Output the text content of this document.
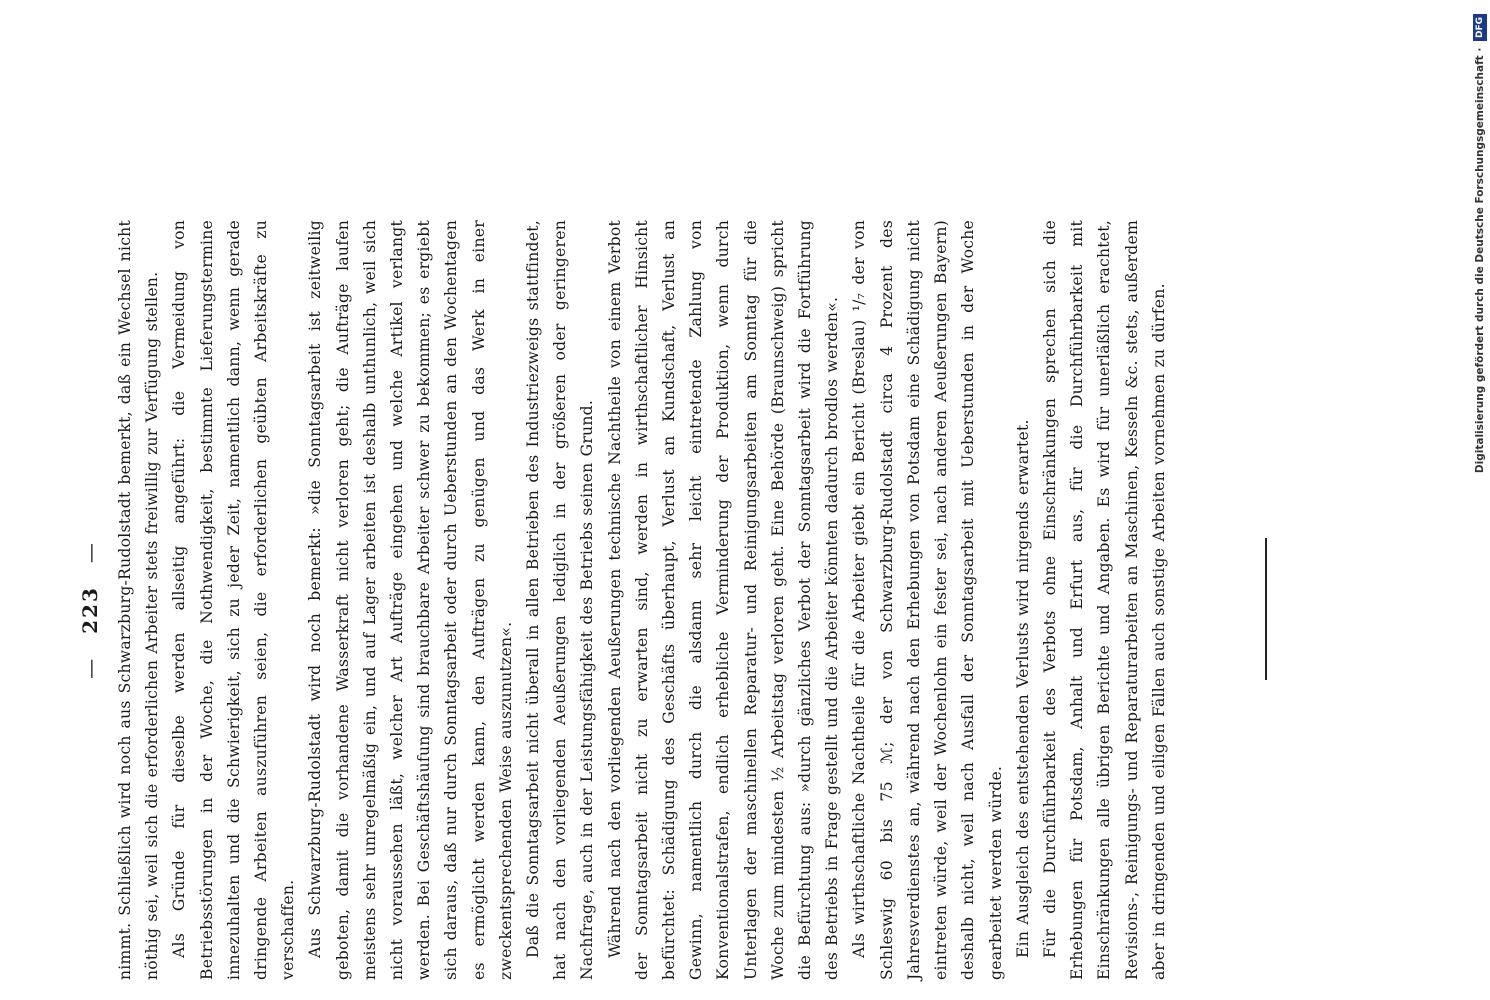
— 223 — nimmt. Schließlich wird noch aus Schwarzburg-Rudolstadt bemerkt, daß ein Wechsel nicht nöthig sei, weil sich die erforderlichen Arbeiter stets freiwillig zur Verfügung stellen. Als Gründe für dieselbe werden allseitig angeführt: die Vermeidung von Betriebsstörungen in der Woche, die Nothwendigkeit, bestimmte Lieferungstermine innezuhalten und die Schwierigkeit, sich zu jeder Zeit, namentlich dann, wenn gerade dringende Arbeiten auszuführen seien, die erforderlichen geübten Arbeitskräfte zu verschaffen. Aus Schwarzburg-Rudolstadt wird noch bemerkt: »die Sonntagsarbeit ist zeitweilig geboten, damit die vorhandene Wasserkraft nicht verloren geht; die Aufträge laufen meistens sehr unregelmäßig ein, und auf Lager arbeiten ist deshalb unthunlich, weil sich nicht voraussehen läßt, welcher Art Aufträge eingehen und welche Artikel verlangt werden. Bei Geschäftshäufung sind brauchbare Arbeiter schwer zu bekommen; es ergiebt sich daraus, daß nur durch Sonntagsarbeit oder durch Ueberstunden an den Wochentagen es ermöglicht werden kann, den Aufträgen zu genügen und das Werk in einer zweckentsprechenden Weise auszunutzen«. Daß die Sonntagsarbeit nicht überall in allen Betrieben des Industriezweigs stattfindet, hat nach den vorliegenden Aeußerungen lediglich in der größeren oder geringeren Nachfrage, auch in der Leistungsfähigkeit des Betriebs seinen Grund. Während nach den vorliegenden Aeußerungen technische Nachtheile von einem Verbot der Sonntagsarbeit nicht zu erwarten sind, werden in wirthschaftlicher Hinsicht befürchtet: Schädigung des Geschäfts überhaupt, Verlust an Kundschaft, Verlust an Gewinn, namentlich durch die alsdann sehr leicht eintretende Zahlung von Konventionalstrafen, endlich erhebliche Verminderung der Produktion, wenn durch Unterlagen der maschinellen Reparatur- und Reinigungsarbeiten am Sonntag für die Woche zum mindesten ½ Arbeitstag verloren geht. Eine Behörde (Braunschweig) spricht die Befürchtung aus: »durch gänzliches Verbot der Sonntagsarbeit wird die Fortführung des Betriebs in Frage gestellt und die Arbeiter könnten dadurch brodlos werden«. Als wirthschaftliche Nachtheile für die Arbeiter giebt ein Bericht (Breslau) ¹/₇ der von Schleswig 60 bis 75 ℳ; der von Schwarzburg-Rudolstadt circa 4 Prozent des Jahresverdienstes an, während nach den Erhebungen von Potsdam eine Schädigung nicht eintreten würde, weil der Wochenlohn ein fester sei, nach anderen Aeußerungen Bayern) deshalb nicht, weil nach Ausfall der Sonntagsarbeit mit Ueberstunden in der Woche gearbeitet werden würde. Ein Ausgleich des entstehenden Verlusts wird nirgends erwartet. Für die Durchführbarkeit des Verbots ohne Einschränkungen sprechen sich die Erhebungen für Potsdam, Anhalt und Erfurt aus, für die Durchführbarkeit mit Einschränkungen alle übrigen Berichte und Angaben. Es wird für unerläßlich erachtet, Revisions-, Reinigungs- und Reparaturarbeiten an Maschinen, Kesseln &c. stets, außerdem aber in dringenden und eiligen Fällen auch sonstige Arbeiten vornehmen zu dürfen.

Digitalisierung gefördert durch die Deutsche Forschungsgemeinschaft · DFG
